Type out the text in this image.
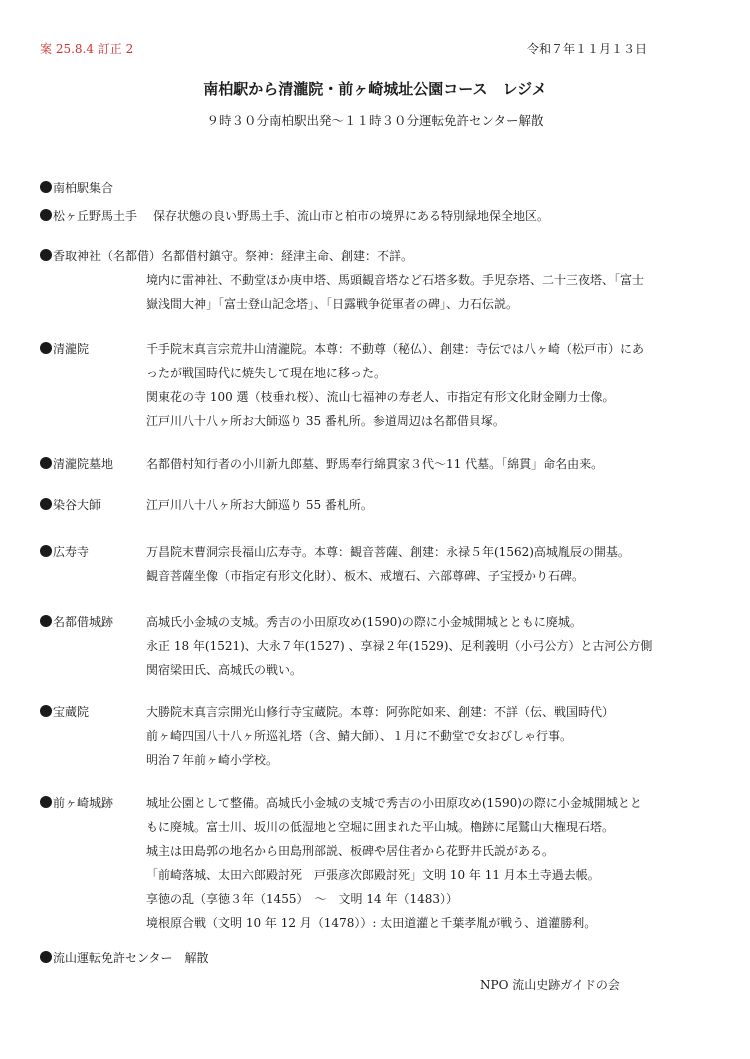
案 25.8.4 訂正 2	令和７年１１月１３日
南柏駅から清瀧院・前ヶ崎城址公園コース　レジメ
９時３０分南柏駅出発～１１時３０分運転免許センター解散
南柏駅集合
松ヶ丘野馬土手 保存状態の良い野馬土手、流山市と柏市の境界にある特別緑地保全地区。
香取神社（名都借）名都借村鎮守。祭神：経津主命、創建：不詳。
境内に雷神社、不動堂ほか庚申塔、馬頭観音塔など石塔多数。手児奈塔、二十三夜塔、「富士
嶽浅間大神」「富士登山記念塔」、「日露戦争従軍者の碑」、力石伝説。
清瀧院	千手院末真言宗荒井山清瀧院。本尊：不動尊（秘仏）、創建：寺伝では八ヶ崎（松戸市）にあ
ったが戦国時代に焼失して現在地に移った。
関東花の寺 100 選（枝垂れ桜）、流山七福神の寿老人、市指定有形文化財金剛力士像。
江戸川八十八ヶ所お大師巡り 35 番札所。参道周辺は名都借貝塚。
清瀧院墓地	名都借村知行者の小川新九郎墓、野馬奉行綿貫家３代～11 代墓。「綿貫」命名由来。
染谷大師	江戸川八十八ヶ所お大師巡り 55 番札所。
広寿寺	万昌院末曹洞宗長福山広寿寺。本尊：観音菩薩、創建：永禄５年(1562)高城胤辰の開基。
観音菩薩坐像（市指定有形文化財）、板木、戒壇石、六部尊碑、子宝授かり石碑。
名都借城跡	高城氏小金城の支城。秀吉の小田原攻め(1590)の際に小金城開城とともに廃城。
永正 18 年(1521)、大永７年(1527) 、享禄２年(1529)、足利義明（小弓公方）と古河公方側
関宿梁田氏、高城氏の戦い。
宝蔵院	大勝院末真言宗開光山修行寺宝蔵院。本尊：阿弥陀如来、創建：不詳（伝、戦国時代）
前ヶ崎四国八十八ヶ所巡礼塔（含、鯖大師）、１月に不動堂で女おびしゃ行事。
明治７年前ヶ崎小学校。
前ヶ崎城跡	城址公園として整備。高城氏小金城の支城で秀吉の小田原攻め(1590)の際に小金城開城とと
もに廃城。富士川、坂川の低湿地と空堀に囲まれた平山城。櫓跡に尾鷲山大権現石塔。
城主は田島郭の地名から田島刑部説、板碑や居住者から花野井氏説がある。
「前崎落城、太田六郎殿討死　戸張彦次郎殿討死」文明 10 年 11 月本土寺過去帳。
享徳の乱（享徳３年（1455）　～　文明 14 年（1483））
境根原合戦（文明 10 年 12 月（1478））: 太田道灌と千葉孝胤が戦う、道灌勝利。
流山運転免許センター　解散
NPO 流山史跡ガイドの会
